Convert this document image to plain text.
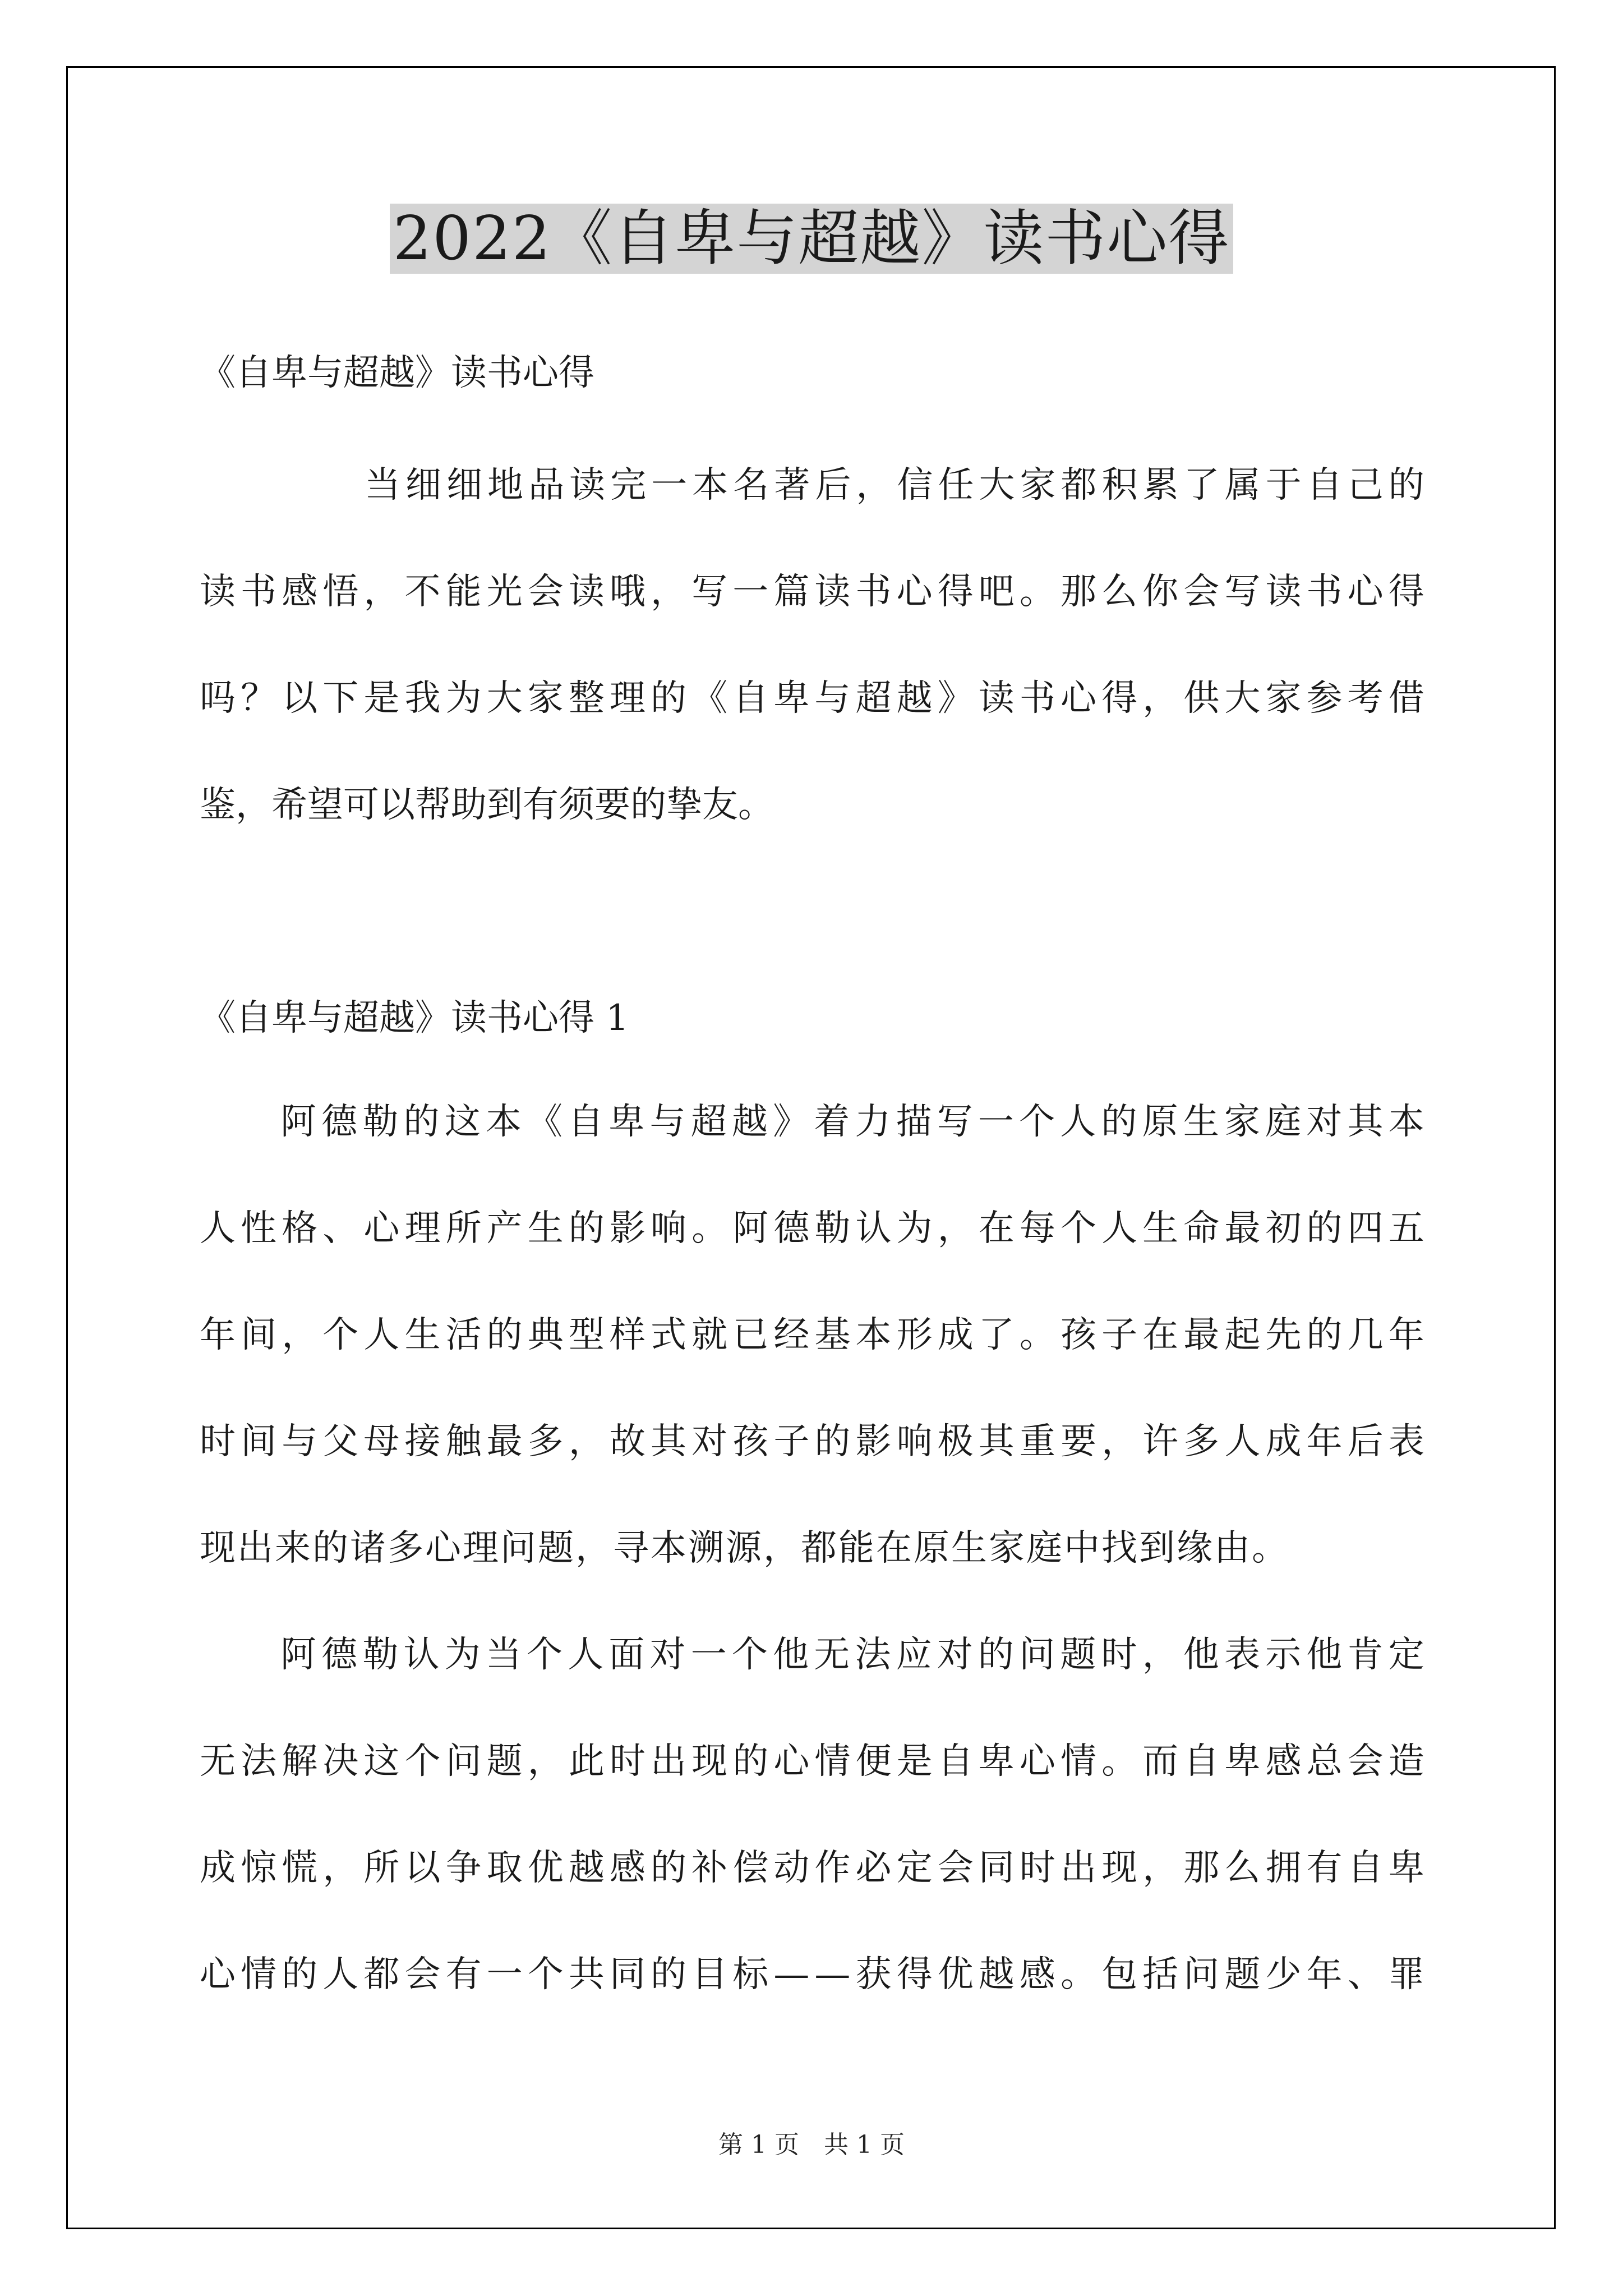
2022《自卑与超越》读书心得
《自卑与超越》读书心得
当 细 细 地 品 读 完 一 本 名 著 后 ， 信 任 大 家 都 积 累 了 属 于 自 己 的
读 书 感 悟 ， 不 能 光 会 读 哦 ， 写 一 篇 读 书 心 得 吧 。 那 么 你 会 写 读 书 心 得
吗 ？ 以 下 是 我 为 大 家 整 理 的 《 自 卑 与 超 越 》 读 书 心 得 ， 供 大 家 参 考 借
鉴，希望可以帮助到有须要的挚友。
《自卑与超越》读书心得 1
阿 德 勒 的 这 本 《 自 卑 与 超 越 》 着 力 描 写 一 个 人 的 原 生 家 庭 对 其 本
人 性 格 、 心 理 所 产 生 的 影 响 。 阿 德 勒 认 为 ， 在 每 个 人 生 命 最 初 的 四 五
年 间 ， 个 人 生 活 的 典 型 样 式 就 已 经 基 本 形 成 了 。 孩 子 在 最 起 先 的 几 年
时 间 与 父 母 接 触 最 多 ， 故 其 对 孩 子 的 影 响 极 其 重 要 ， 许 多 人 成 年 后 表
现出来的诸多心理问题，寻本溯源，都能在原生家庭中找到缘由。
阿 德 勒 认 为 当 个 人 面 对 一 个 他 无 法 应 对 的 问 题 时 ， 他 表 示 他 肯 定
无 法 解 决 这 个 问 题 ， 此 时 出 现 的 心 情 便 是 自 卑 心 情 。 而 自 卑 感 总 会 造
成 惊 慌 ， 所 以 争 取 优 越 感 的 补 偿 动 作 必 定 会 同 时 出 现 ， 那 么 拥 有 自 卑
心 情 的 人 都 会 有 一 个 共 同 的 目 标 — — 获 得 优 越 感 。 包 括 问 题 少 年 、 罪
第 1 页　共 1 页
